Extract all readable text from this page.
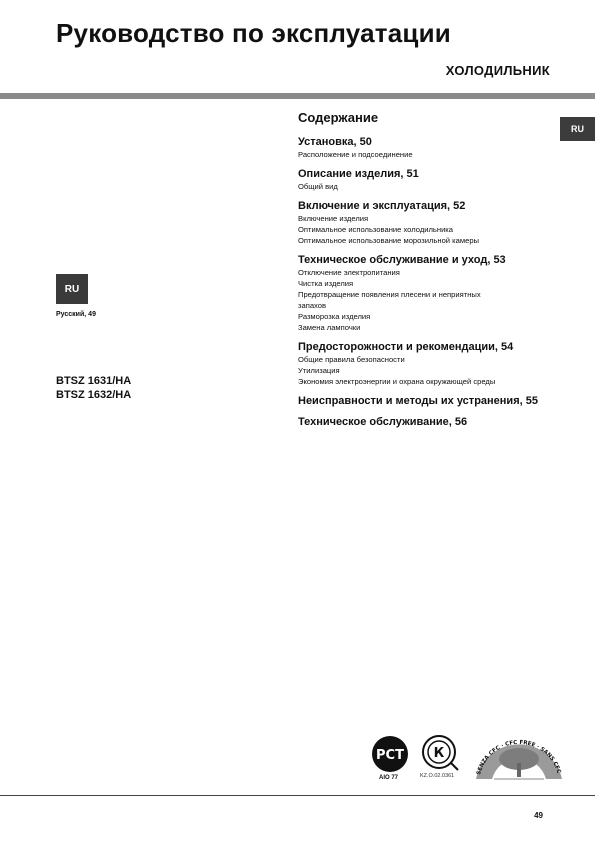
Руководство по эксплуатации
ХОЛОДИЛЬНИК
RU
RU
Русский, 49
BTSZ 1631/HA
BTSZ 1632/HA
Содержание
Установка, 50
Расположение и подсоединение
Описание изделия, 51
Общий вид
Включение и эксплуатация, 52
Включение изделия
Оптимальное использование холодильника
Оптимальное использование морозильной камеры
Техническое обслуживание и уход, 53
Отключение электропитания
Чистка изделия
Предотвращение появления плесени и неприятных
запахов
Разморозка изделия
Замена лампочки
Предосторожности и рекомендации, 54
Общие правила безопасности
Утилизация
Экономия электроэнергии и охрана окружающей среды
Неисправности и методы их устранения, 55
Техническое обслуживание, 56
РСТ
AIO 77
К
KZ.O.02.0361
SENZA CFC · CFC FREE · SANS CFC
49
